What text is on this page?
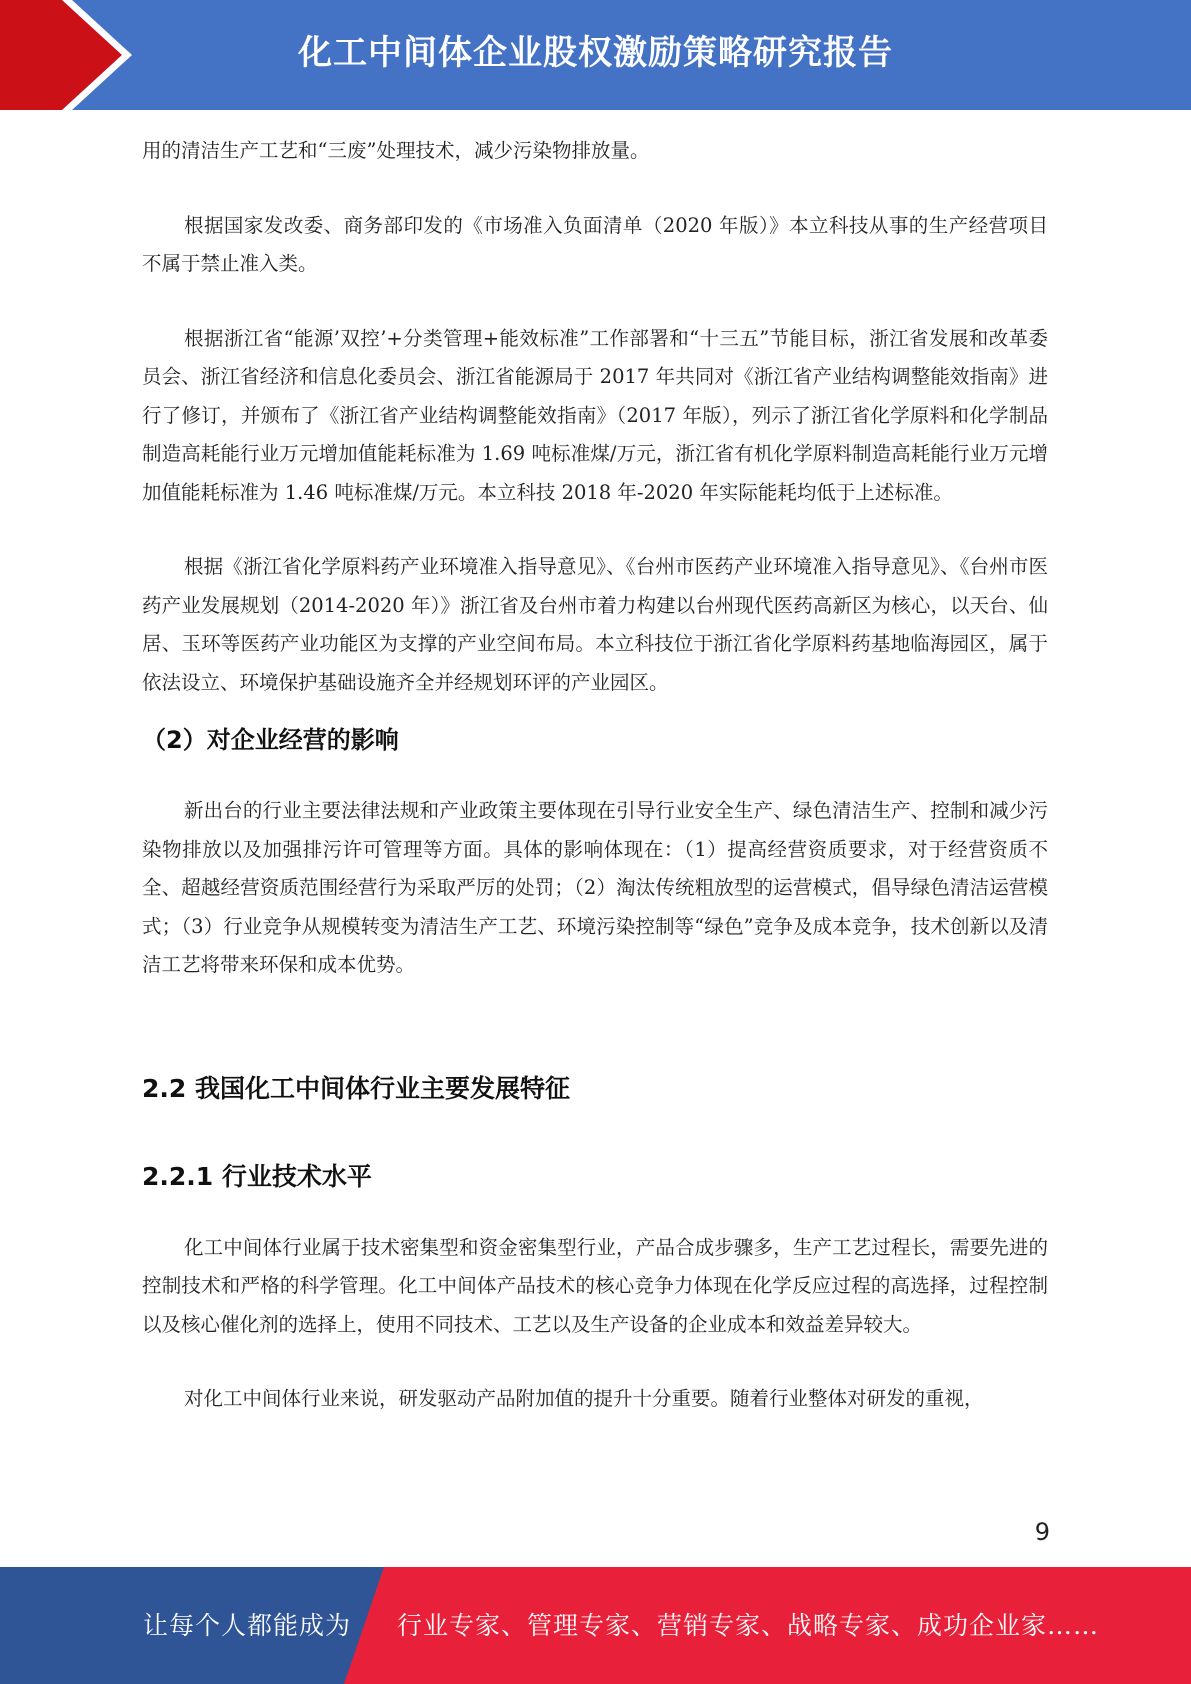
化工中间体企业股权激励策略研究报告

用的清洁生产工艺和“三废”处理技术，减少污染物排放量。

根据国家发改委、商务部印发的《市场准入负面清单（2020 年版）》本立科技从事的生产经营项目不属于禁止准入类。

根据浙江省“能源’双控’+分类管理+能效标准”工作部署和“十三五”节能目标，浙江省发展和改革委员会、浙江省经济和信息化委员会、浙江省能源局于 2017 年共同对《浙江省产业结构调整能效指南》进行了修订，并颁布了《浙江省产业结构调整能效指南》（2017 年版），列示了浙江省化学原料和化学制品制造高耗能行业万元增加值能耗标准为 1.69 吨标准煤/万元，浙江省有机化学原料制造高耗能行业万元增加值能耗标准为 1.46 吨标准煤/万元。本立科技 2018 年-2020 年实际能耗均低于上述标准。

根据《浙江省化学原料药产业环境准入指导意见》、《台州市医药产业环境准入指导意见》、《台州市医药产业发展规划（2014-2020 年）》浙江省及台州市着力构建以台州现代医药高新区为核心，以天台、仙居、玉环等医药产业功能区为支撑的产业空间布局。本立科技位于浙江省化学原料药基地临海园区，属于依法设立、环境保护基础设施齐全并经规划环评的产业园区。

（2）对企业经营的影响

新出台的行业主要法律法规和产业政策主要体现在引导行业安全生产、绿色清洁生产、控制和减少污染物排放以及加强排污许可管理等方面。具体的影响体现在：（1）提高经营资质要求，对于经营资质不全、超越经营资质范围经营行为采取严厉的处罚；（2）淘汰传统粗放型的运营模式，倡导绿色清洁运营模式；（3）行业竞争从规模转变为清洁生产工艺、环境污染控制等“绿色”竞争及成本竞争，技术创新以及清洁工艺将带来环保和成本优势。

2.2 我国化工中间体行业主要发展特征
2.2.1 行业技术水平

化工中间体行业属于技术密集型和资金密集型行业，产品合成步骤多，生产工艺过程长，需要先进的控制技术和严格的科学管理。化工中间体产品技术的核心竞争力体现在化学反应过程的高选择，过程控制以及核心催化剂的选择上，使用不同技术、工艺以及生产设备的企业成本和效益差异较大。

对化工中间体行业来说，研发驱动产品附加值的提升十分重要。随着行业整体对研发的重视，

9
让每个人都能成为 行业专家、管理专家、营销专家、战略专家、成功企业家……
